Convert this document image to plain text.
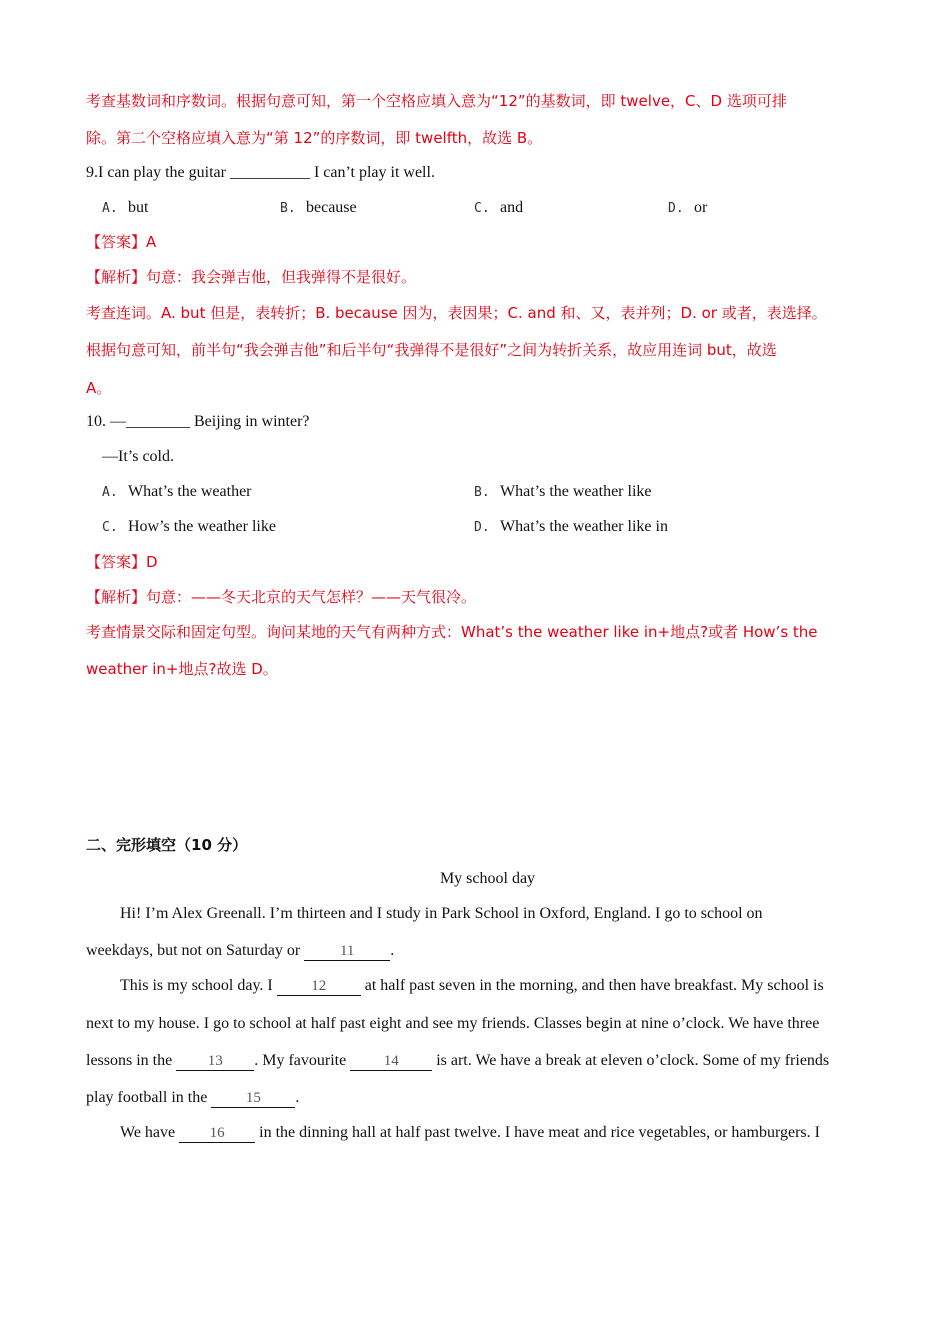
考查基数词和序数词。根据句意可知，第一个空格应填入意为“12”的基数词，即 twelve，C、D 选项可排
除。第二个空格应填入意为“第 12”的序数词，即 twelfth，故选 B。
9.I can play the guitar __________ I can’t play it well.
A. but	B. because	C. and	D. or
【答案】A
【解析】句意：我会弹吉他，但我弹得不是很好。
考查连词。A. but 但是，表转折；B. because 因为，表因果；C. and 和、又，表并列；D. or 或者，表选择。
根据句意可知，前半句“我会弹吉他”和后半句“我弹得不是很好”之间为转折关系，故应用连词 but，故选
A。
10. —________ Beijing in winter?
—It’s cold.
A. What’s the weather	B. What’s the weather like
C. How’s the weather like	D. What’s the weather like in
【答案】D
【解析】句意：——冬天北京的天气怎样？——天气很冷。
考查情景交际和固定句型。询问某地的天气有两种方式：What’s the weather like in+地点?或者 How’s the
weather in+地点?故选 D。
二、完形填空（10 分）
My school day
Hi! I’m Alex Greenall. I’m thirteen and I study in Park School in Oxford, England. I go to school on
weekdays, but not on Saturday or 11 .
This is my school day. I 12 at half past seven in the morning, and then have breakfast. My school is
next to my house. I go to school at half past eight and see my friends. Classes begin at nine o’clock. We have three
lessons in the 13 . My favourite 14 is art. We have a break at eleven o’clock. Some of my friends
play football in the 15 .
We have 16 in the dinning hall at half past twelve. I have meat and rice vegetables, or hamburgers. I
